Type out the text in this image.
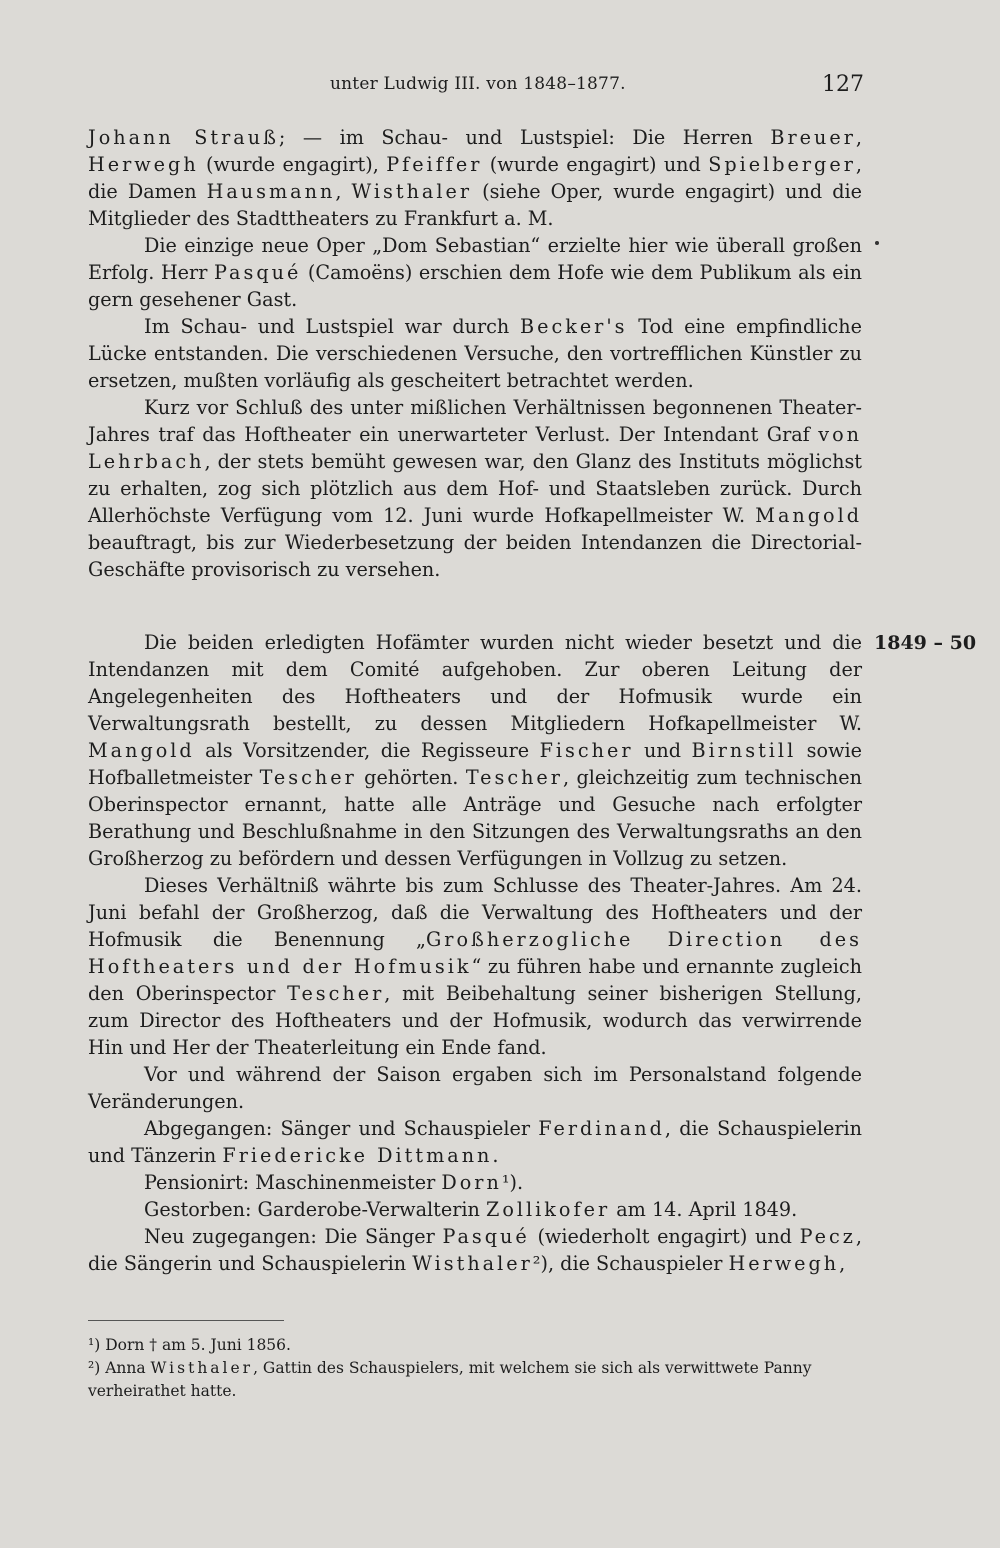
unter Ludwig III. von 1848–1877.	127

Johann Strauß; — im Schau- und Lustspiel: Die Herren Breuer, Herwegh (wurde engagirt), Pfeiffer (wurde engagirt) und Spielberger, die Damen Hausmann, Wisthaler (siehe Oper, wurde engagirt) und die Mitglieder des Stadttheaters zu Frankfurt a. M.

Die einzige neue Oper „Dom Sebastian“ erzielte hier wie überall großen Erfolg. Herr Pasqué (Camoëns) erschien dem Hofe wie dem Publikum als ein gern gesehener Gast.

Im Schau- und Lustspiel war durch Becker's Tod eine empfindliche Lücke entstanden. Die verschiedenen Versuche, den vortrefflichen Künstler zu ersetzen, mußten vorläufig als gescheitert betrachtet werden.

Kurz vor Schluß des unter mißlichen Verhältnissen begonnenen Theater-Jahres traf das Hoftheater ein unerwarteter Verlust. Der Intendant Graf von Lehrbach, der stets bemüht gewesen war, den Glanz des Instituts möglichst zu erhalten, zog sich plötzlich aus dem Hof- und Staatsleben zurück. Durch Allerhöchste Verfügung vom 12. Juni wurde Hofkapellmeister W. Mangold beauftragt, bis zur Wiederbesetzung der beiden Intendanzen die Directorial-Geschäfte provisorisch zu versehen.

1849 – 50

Die beiden erledigten Hofämter wurden nicht wieder besetzt und die Intendanzen mit dem Comité aufgehoben. Zur oberen Leitung der Angelegenheiten des Hoftheaters und der Hofmusik wurde ein Verwaltungsrath bestellt, zu dessen Mitgliedern Hofkapellmeister W. Mangold als Vorsitzender, die Regisseure Fischer und Birnstill sowie Hofballetmeister Tescher gehörten. Tescher, gleichzeitig zum technischen Oberinspector ernannt, hatte alle Anträge und Gesuche nach erfolgter Berathung und Beschlußnahme in den Sitzungen des Verwaltungsraths an den Großherzog zu befördern und dessen Verfügungen in Vollzug zu setzen.

Dieses Verhältniß währte bis zum Schlusse des Theater-Jahres. Am 24. Juni befahl der Großherzog, daß die Verwaltung des Hoftheaters und der Hofmusik die Benennung „Großherzogliche Direction des Hoftheaters und der Hofmusik“ zu führen habe und ernannte zugleich den Oberinspector Tescher, mit Beibehaltung seiner bisherigen Stellung, zum Director des Hoftheaters und der Hofmusik, wodurch das verwirrende Hin und Her der Theaterleitung ein Ende fand.

Vor und während der Saison ergaben sich im Personalstand folgende Veränderungen.

Abgegangen: Sänger und Schauspieler Ferdinand, die Schauspielerin und Tänzerin Friedericke Dittmann.

Pensionirt: Maschinenmeister Dorn¹).

Gestorben: Garderobe-Verwalterin Zollikofer am 14. April 1849.

Neu zugegangen: Die Sänger Pasqué (wiederholt engagirt) und Pecz, die Sängerin und Schauspielerin Wisthaler²), die Schauspieler Herwegh,

¹) Dorn † am 5. Juni 1856.

²) Anna Wisthaler, Gattin des Schauspielers, mit welchem sie sich als verwittwete Panny verheirathet hatte.
